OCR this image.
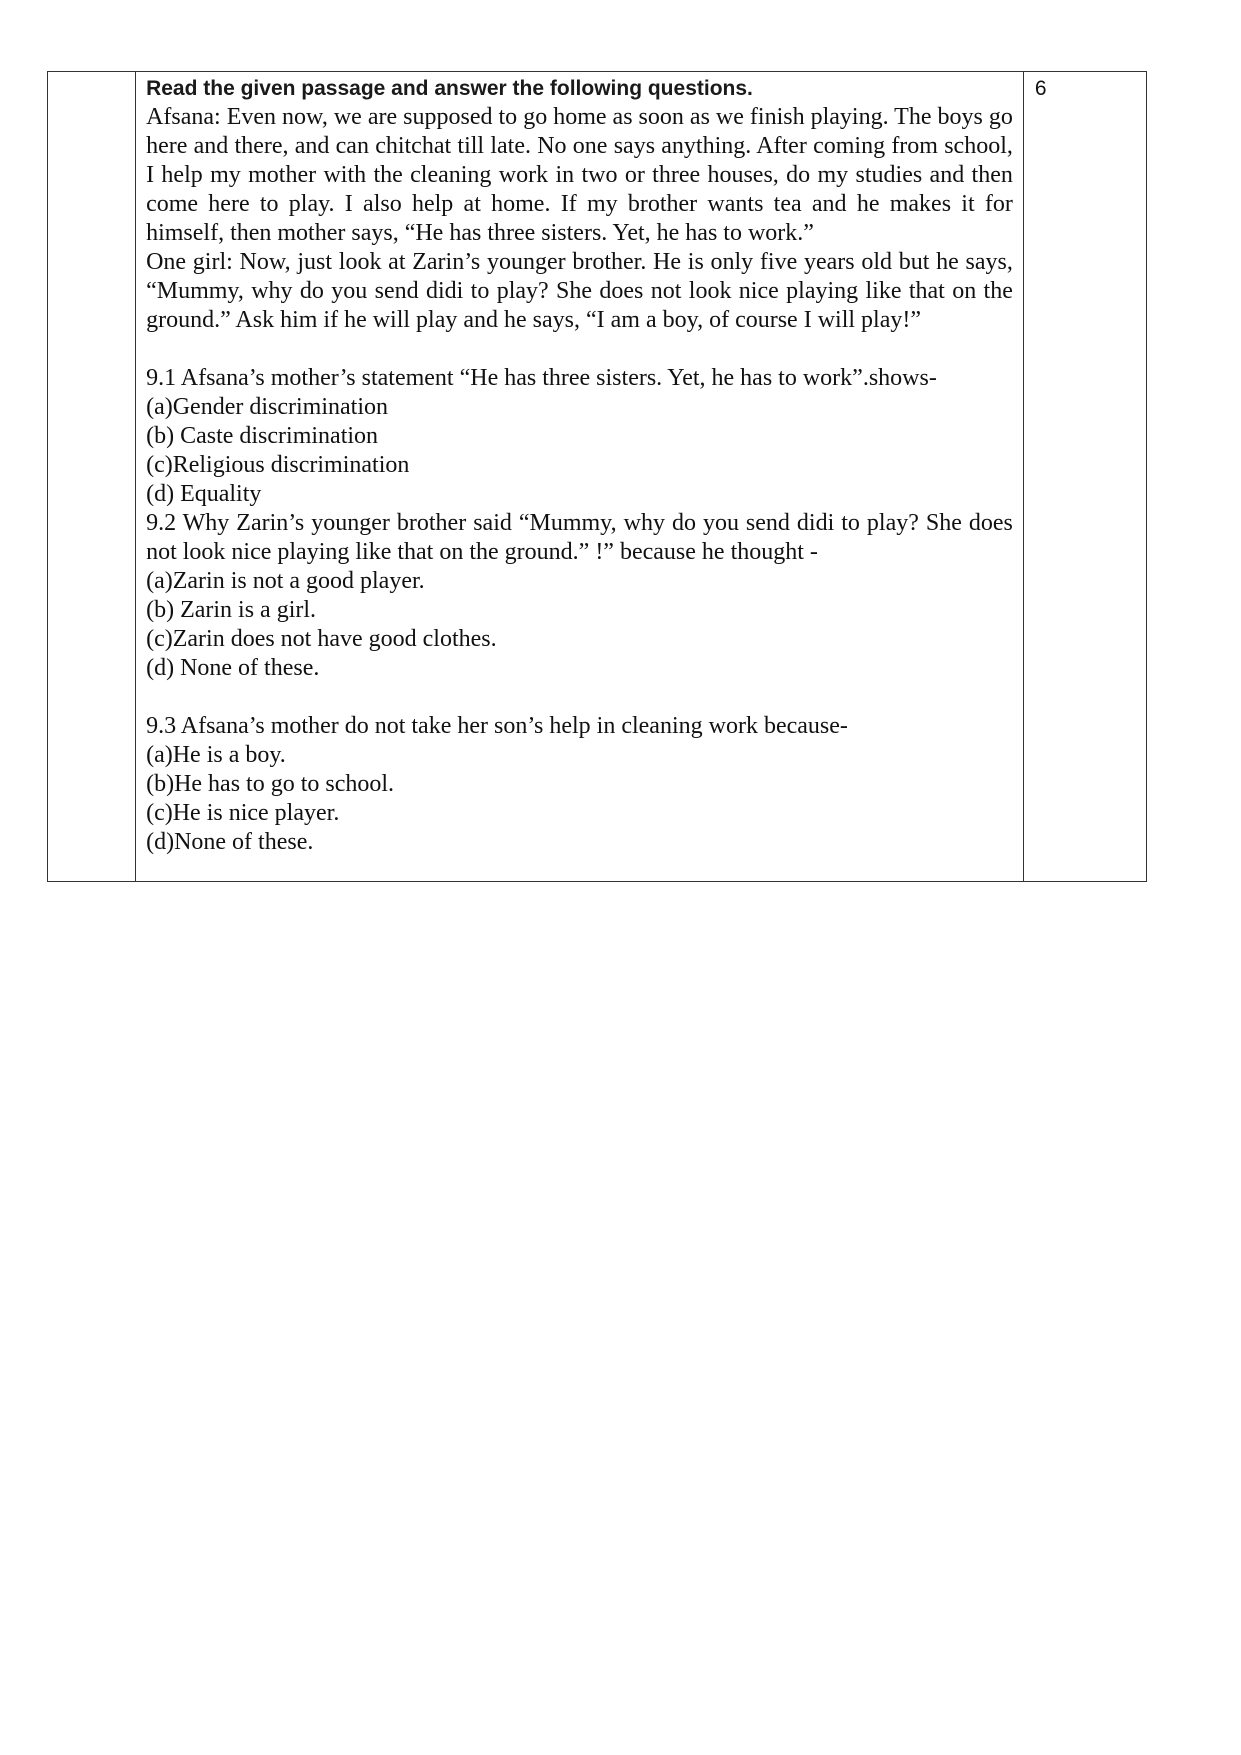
Read the given passage and answer the following questions.

Afsana: Even now, we are supposed to go home as soon as we finish playing. The boys go here and there, and can chitchat till late. No one says anything. After coming from school, I help my mother with the cleaning work in two or three houses, do my studies and then come here to play. I also help at home. If my brother wants tea and he makes it for himself, then mother says, “He has three sisters. Yet, he has to work.”

One girl: Now, just look at Zarin’s younger brother. He is only five years old but he says, “Mummy, why do you send didi to play? She does not look nice playing like that on the ground.” Ask him if he will play and he says, “I am a boy, of course I will play!”

9.1 Afsana’s mother’s statement “He has three sisters. Yet, he has to work”.shows-

(a)Gender discrimination

(b) Caste discrimination

(c)Religious discrimination

(d) Equality

9.2 Why Zarin’s younger brother said “Mummy, why do you send didi to play? She does not look nice playing like that on the ground.” !” because he thought -

(a)Zarin is not a good player.

(b) Zarin is a girl.

(c)Zarin does not have good clothes.

(d) None of these.

9.3 Afsana’s mother do not take her son’s help in cleaning work because-

(a)He is a boy.

(b)He has to go to school.

(c)He is nice player.

(d)None of these.

	6
